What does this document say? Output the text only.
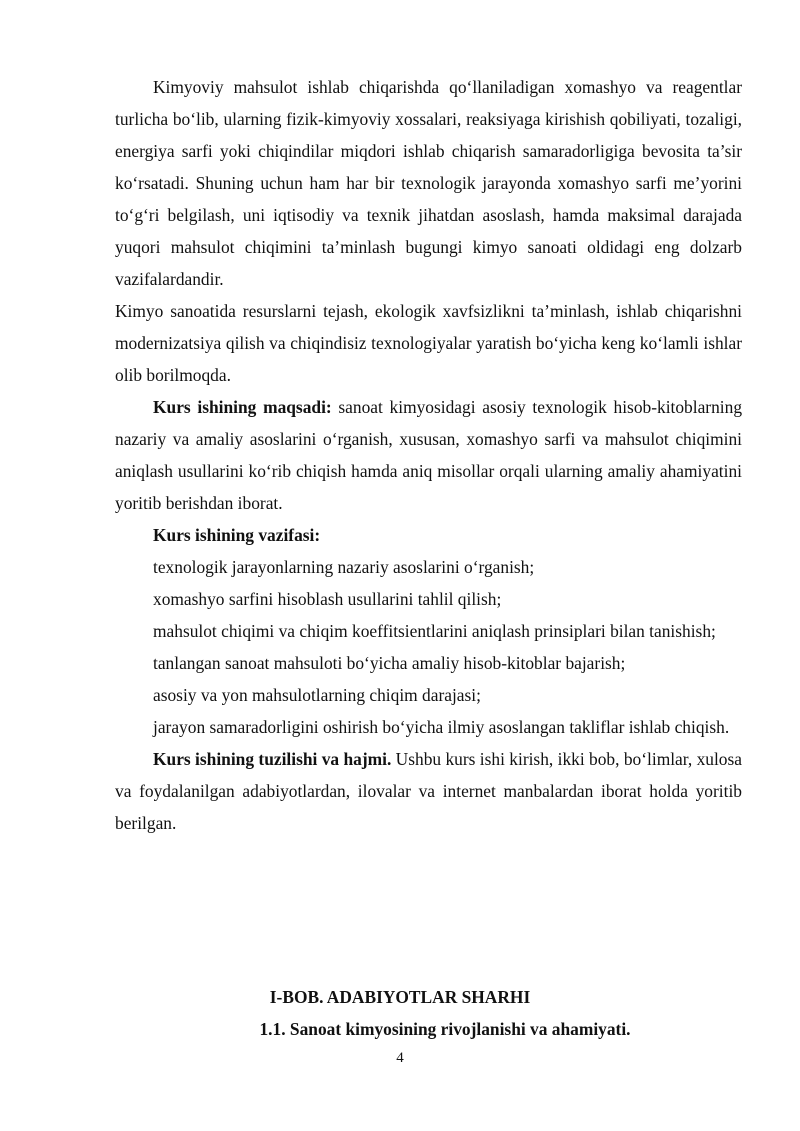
Kimyoviy mahsulot ishlab chiqarishda qo‘llaniladigan xomashyo va reagentlar turlicha bo‘lib, ularning fizik-kimyoviy xossalari, reaksiyaga kirishish qobiliyati, tozaligi, energiya sarfi yoki chiqindilar miqdori ishlab chiqarish samaradorligiga bevosita ta’sir ko‘rsatadi. Shuning uchun ham har bir texnologik jarayonda xomashyo sarfi me’yorini to‘g‘ri belgilash, uni iqtisodiy va texnik jihatdan asoslash, hamda maksimal darajada yuqori mahsulot chiqimini ta’minlash bugungi kimyo sanoati oldidagi eng dolzarb vazifalardandir.

Kimyo sanoatida resurslarni tejash, ekologik xavfsizlikni ta’minlash, ishlab chiqarishni modernizatsiya qilish va chiqindisiz texnologiyalar yaratish bo‘yicha keng ko‘lamli ishlar olib borilmoqda.

Kurs ishining maqsadi: sanoat kimyosidagi asosiy texnologik hisob-kitoblarning nazariy va amaliy asoslarini o‘rganish, xususan, xomashyo sarfi va mahsulot chiqimini aniqlash usullarini ko‘rib chiqish hamda aniq misollar orqali ularning amaliy ahamiyatini yoritib berishdan iborat.

Kurs ishining vazifasi:

texnologik jarayonlarning nazariy asoslarini o‘rganish;

xomashyo sarfini hisoblash usullarini tahlil qilish;

mahsulot chiqimi va chiqim koeffitsientlarini aniqlash prinsiplari bilan tanishish;

tanlangan sanoat mahsuloti bo‘yicha amaliy hisob-kitoblar bajarish;

asosiy va yon mahsulotlarning chiqim darajasi;

jarayon samaradorligini oshirish bo‘yicha ilmiy asoslangan takliflar ishlab chiqish.

Kurs ishining tuzilishi va hajmi. Ushbu kurs ishi kirish, ikki bob, bo‘limlar, xulosa va foydalanilgan adabiyotlardan, ilovalar va internet manbalardan iborat holda yoritib berilgan.

I-BOB. ADABIYOTLAR SHARHI
1.1. Sanoat kimyosining rivojlanishi va ahamiyati.
4
